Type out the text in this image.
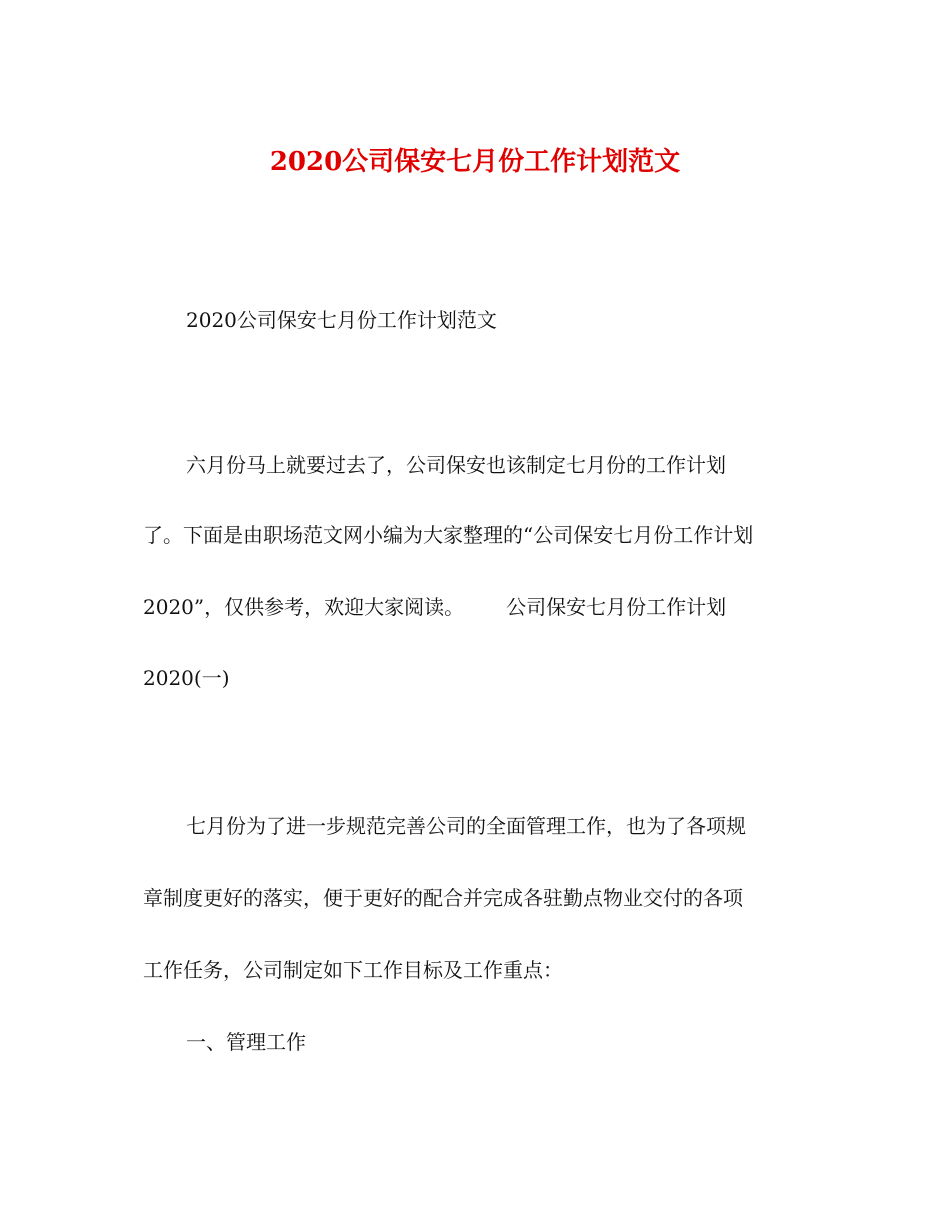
2020公司保安七月份工作计划范文

2020公司保安七月份工作计划范文

六月份马上就要过去了，公司保安也该制定七月份的工作计划

了。下面是由职场范文网小编为大家整理的“公司保安七月份工作计划

2020”，仅供参考，欢迎大家阅读。 公司保安七月份工作计划

2020(一)

七月份为了进一步规范完善公司的全面管理工作，也为了各项规

章制度更好的落实，便于更好的配合并完成各驻勤点物业交付的各项

工作任务，公司制定如下工作目标及工作重点：

一、管理工作
